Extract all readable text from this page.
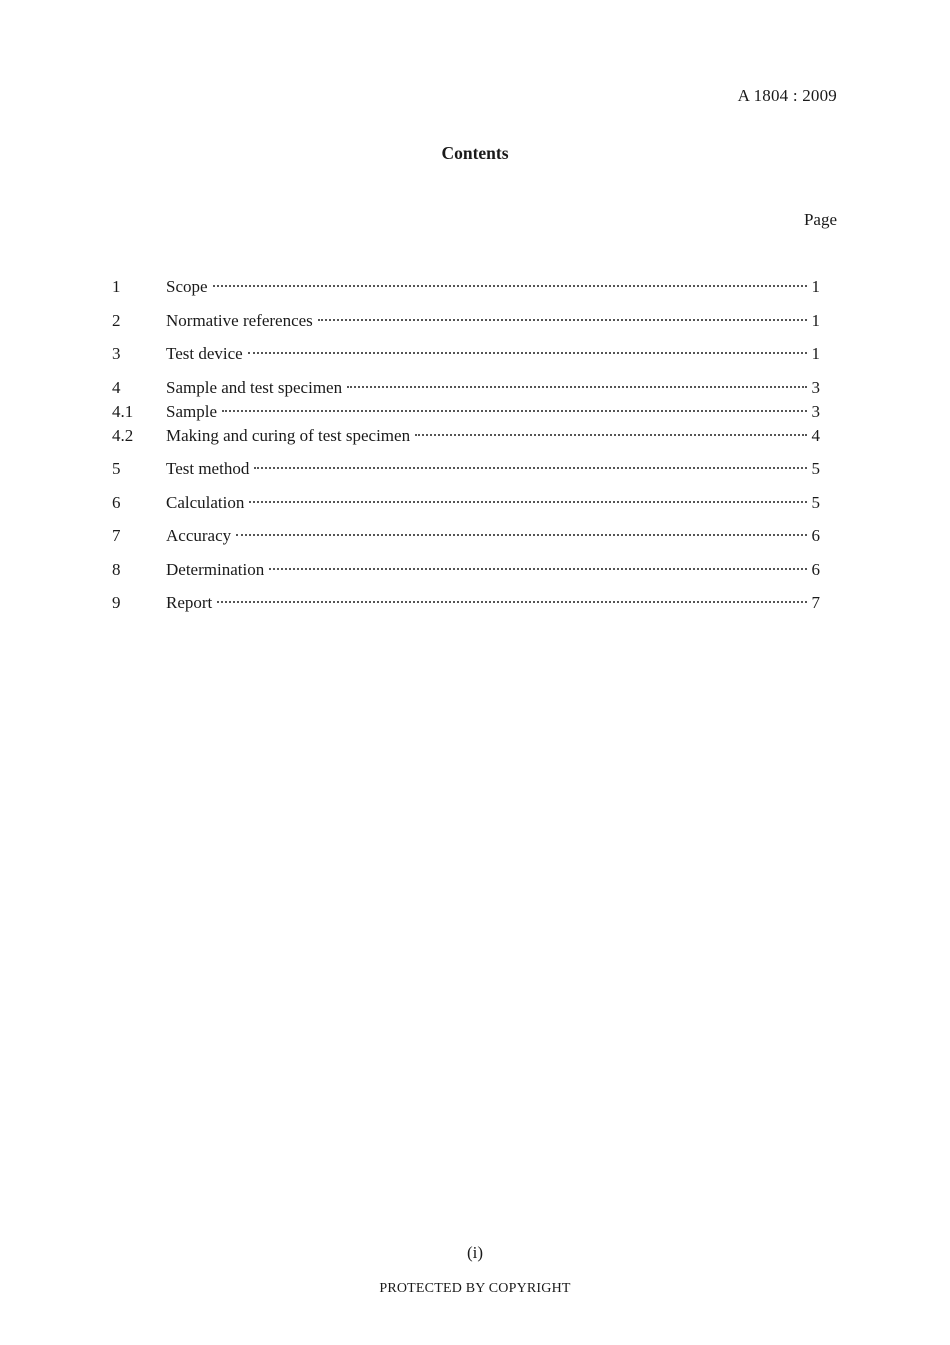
A 1804 : 2009
Contents
Page
1	Scope	1
2	Normative references	1
3	Test device	1
4	Sample and test specimen	3
4.1	Sample	3
4.2	Making and curing of test specimen	4
5	Test method	5
6	Calculation	5
7	Accuracy	6
8	Determination	6
9	Report	7
(i)
PROTECTED BY COPYRIGHT
